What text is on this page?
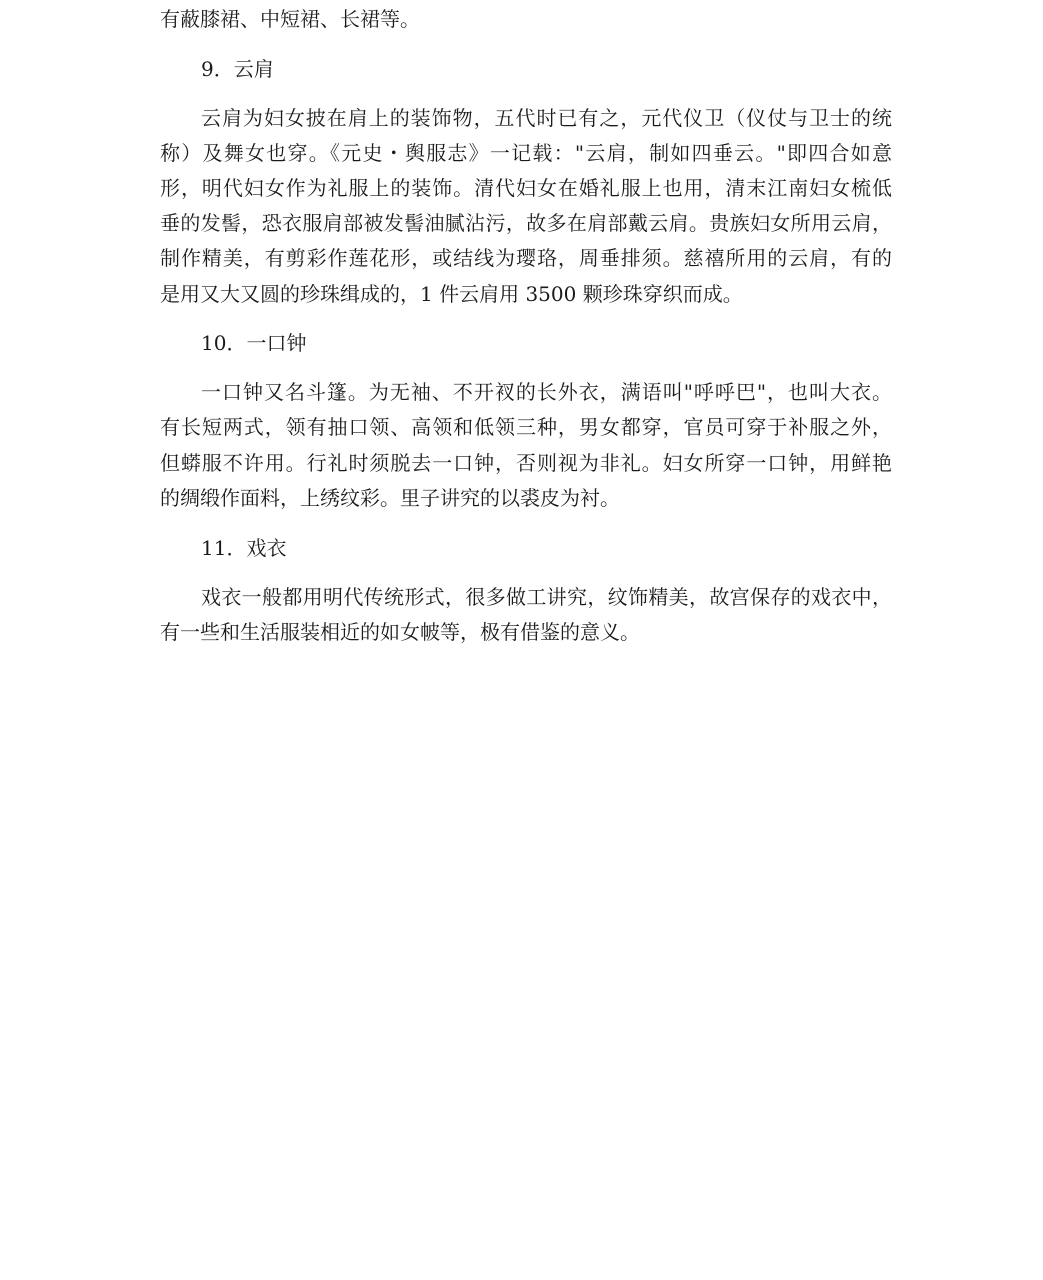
有蔽膝裙、中短裙、长裙等。
9．云肩
云肩为妇女披在肩上的装饰物，五代时已有之，元代仪卫（仪仗与卫士的统
称）及舞女也穿。《元史・舆服志》一记载："云肩，制如四垂云。"即四合如意
形，明代妇女作为礼服上的装饰。清代妇女在婚礼服上也用，清末江南妇女梳低
垂的发髻，恐衣服肩部被发髻油腻沾污，故多在肩部戴云肩。贵族妇女所用云肩，
制作精美，有剪彩作莲花形，或结线为璎珞，周垂排须。慈禧所用的云肩，有的
是用又大又圆的珍珠缉成的，1 件云肩用 3500 颗珍珠穿织而成。
10．一口钟
一口钟又名斗篷。为无袖、不开衩的长外衣，满语叫"呼呼巴"，也叫大衣。
有长短两式，领有抽口领、高领和低领三种，男女都穿，官员可穿于补服之外，
但蟒服不许用。行礼时须脱去一口钟，否则视为非礼。妇女所穿一口钟，用鲜艳
的绸缎作面料，上绣纹彩。里子讲究的以裘皮为衬。
11．戏衣
戏衣一般都用明代传统形式，很多做工讲究，纹饰精美，故宫保存的戏衣中，
有一些和生活服装相近的如女帔等，极有借鉴的意义。
